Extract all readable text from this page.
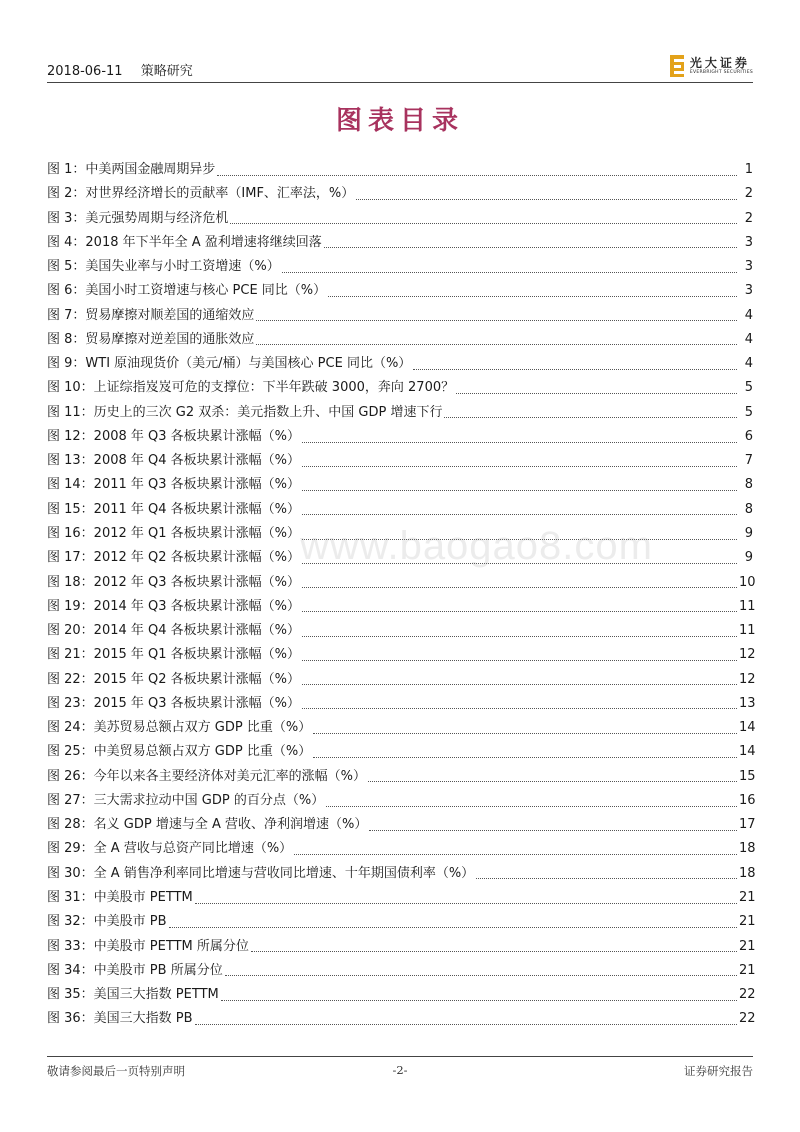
2018-06-11 策略研究
光大证券
EVERBRIGHT SECURITIES
图表目录
图 1：中美两国金融周期异步	1
图 2：对世界经济增长的贡献率（IMF、汇率法，%）	2
图 3：美元强势周期与经济危机	2
图 4：2018 年下半年全 A 盈利增速将继续回落	3
图 5：美国失业率与小时工资增速（%）	3
图 6：美国小时工资增速与核心 PCE 同比（%）	3
图 7：贸易摩擦对顺差国的通缩效应	4
图 8：贸易摩擦对逆差国的通胀效应	4
图 9：WTI 原油现货价（美元/桶）与美国核心 PCE 同比（%）	4
图 10：上证综指岌岌可危的支撑位：下半年跌破 3000，奔向 2700？	5
图 11：历史上的三次 G2 双杀：美元指数上升、中国 GDP 增速下行	5
图 12：2008 年 Q3 各板块累计涨幅（%）	6
图 13：2008 年 Q4 各板块累计涨幅（%）	7
图 14：2011 年 Q3 各板块累计涨幅（%）	8
图 15：2011 年 Q4 各板块累计涨幅（%）	8
图 16：2012 年 Q1 各板块累计涨幅（%）	9
图 17：2012 年 Q2 各板块累计涨幅（%）	9
图 18：2012 年 Q3 各板块累计涨幅（%）	10
图 19：2014 年 Q3 各板块累计涨幅（%）	11
图 20：2014 年 Q4 各板块累计涨幅（%）	11
图 21：2015 年 Q1 各板块累计涨幅（%）	12
图 22：2015 年 Q2 各板块累计涨幅（%）	12
图 23：2015 年 Q3 各板块累计涨幅（%）	13
图 24：美苏贸易总额占双方 GDP 比重（%）	14
图 25：中美贸易总额占双方 GDP 比重（%）	14
图 26：今年以来各主要经济体对美元汇率的涨幅（%）	15
图 27：三大需求拉动中国 GDP 的百分点（%）	16
图 28：名义 GDP 增速与全 A 营收、净利润增速（%）	17
图 29：全 A 营收与总资产同比增速（%）	18
图 30：全 A 销售净利率同比增速与营收同比增速、十年期国债利率（%）	18
图 31：中美股市 PETTM	21
图 32：中美股市 PB	21
图 33：中美股市 PETTM 所属分位	21
图 34：中美股市 PB 所属分位	21
图 35：美国三大指数 PETTM	22
图 36：美国三大指数 PB	22
www.baogao8.com
敬请参阅最后一页特别声明	-2-	证券研究报告
